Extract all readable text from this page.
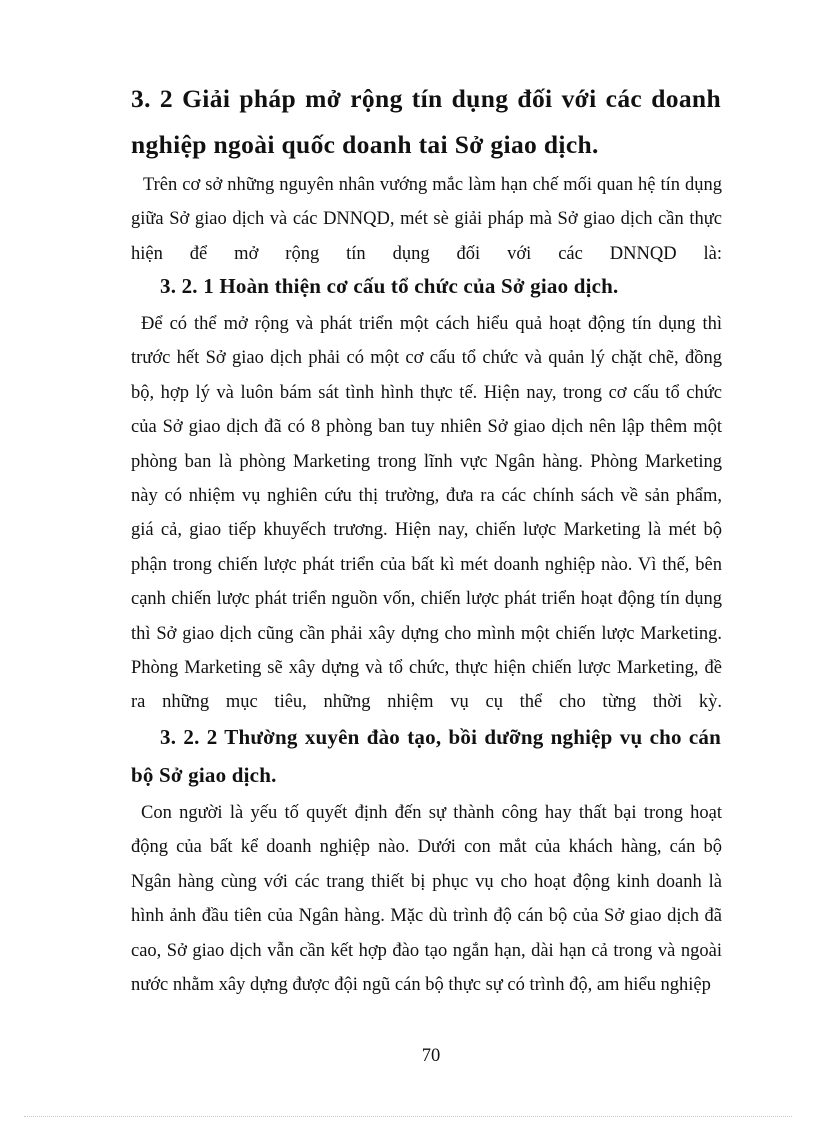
3. 2 Giải pháp mở rộng tín dụng đối với các doanh nghiệp ngoài quốc doanh tai Sở giao dịch.
Trên cơ sở những nguyên nhân vướng mắc làm hạn chế mối quan hệ tín dụng
giữa Sở giao dịch và các DNNQD, mét sè giải pháp mà Sở giao dịch cần thực
hiện để mở rộng tín dụng đối với các DNNQD là:
3. 2. 1 Hoàn thiện cơ cấu tổ chức của Sở giao dịch.
Để có thể mở rộng và phát triển một cách hiểu quả hoạt động tín dụng thì
trước hết Sở giao dịch phải có một cơ cấu tổ chức và quản lý chặt chẽ, đồng
bộ, hợp lý và luôn bám sát tình hình thực tế. Hiện nay, trong cơ cấu tổ chức
của Sở giao dịch đã có 8 phòng ban tuy nhiên Sở giao dịch nên lập thêm một
phòng ban là phòng Marketing trong lĩnh vực Ngân hàng. Phòng Marketing
này có nhiệm vụ nghiên cứu thị trường, đưa ra các chính sách về sản phẩm,
giá cả, giao tiếp khuyếch trương. Hiện nay, chiến lược Marketing là mét bộ
phận trong chiến lược phát triển của bất kì mét doanh nghiệp nào. Vì thế, bên
cạnh chiến lược phát triển nguồn vốn, chiến lược phát triển hoạt động tín dụng
thì Sở giao dịch cũng cần phải xây dựng cho mình một chiến lược Marketing.
Phòng Marketing sẽ xây dựng và tổ chức, thực hiện chiến lược Marketing, đề
ra những mục tiêu, những nhiệm vụ cụ thể cho từng thời kỳ.
3. 2. 2 Thường xuyên đào tạo, bồi dưỡng nghiệp vụ cho cán
bộ Sở giao dịch.
Con người là yếu tố quyết định đến sự thành công hay thất bại trong hoạt
động của bất kể doanh nghiệp nào. Dưới con mắt của khách hàng, cán bộ
Ngân hàng cùng với các trang thiết bị phục vụ cho hoạt động kinh doanh là
hình ảnh đầu tiên của Ngân hàng. Mặc dù trình độ cán bộ của Sở giao dịch đã
cao, Sở giao dịch vẫn cần kết hợp đào tạo ngắn hạn, dài hạn cả trong và ngoài
nước nhằm xây dựng được đội ngũ cán bộ thực sự có trình độ, am hiểu nghiệp
70
